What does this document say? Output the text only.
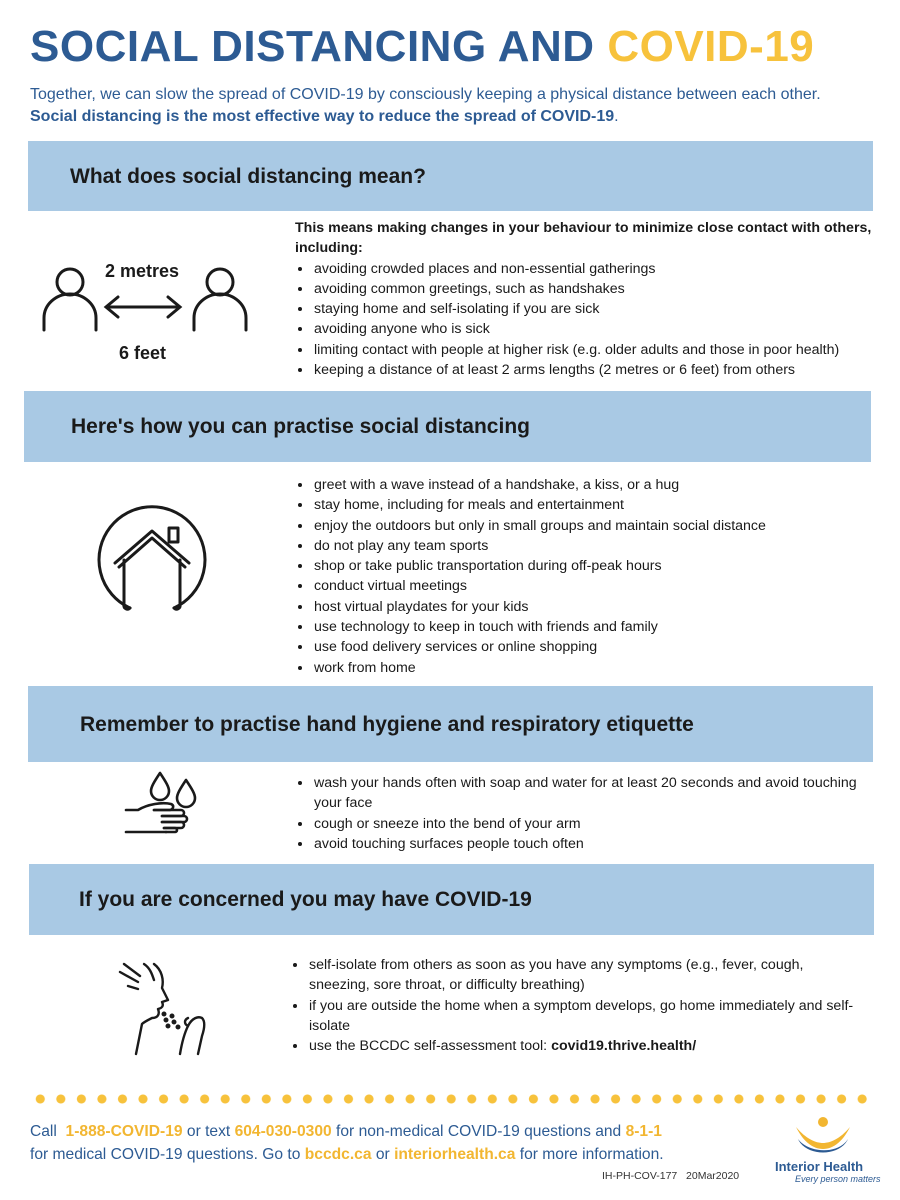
SOCIAL DISTANCING AND COVID-19
Together, we can slow the spread of COVID-19 by consciously keeping a physical distance between each other.
Social distancing is the most effective way to reduce the spread of COVID-19.
What does social distancing mean?
2 metres
6 feet

This means making changes in your behaviour to minimize close contact with others, including:

• avoiding crowded places and non-essential gatherings
• avoiding common greetings, such as handshakes
• staying home and self-isolating if you are sick
• avoiding anyone who is sick
• limiting contact with people at higher risk (e.g. older adults and those in poor health)
• keeping a distance of at least 2 arms lengths (2 metres or 6 feet) from others
Here's how you can practise social distancing
• greet with a wave instead of a handshake, a kiss, or a hug
• stay home, including for meals and entertainment
• enjoy the outdoors but only in small groups and maintain social distance
• do not play any team sports
• shop or take public transportation during off-peak hours
• conduct virtual meetings
• host virtual playdates for your kids
• use technology to keep in touch with friends and family
• use food delivery services or online shopping
• work from home
Remember to practise hand hygiene and respiratory etiquette
• wash your hands often with soap and water for at least 20 seconds and avoid touching your face
• cough or sneeze into the bend of your arm
• avoid touching surfaces people touch often
If you are concerned you may have COVID-19
• self-isolate from others as soon as you have any symptoms (e.g., fever, cough, sneezing, sore throat, or difficulty breathing)
• if you are outside the home when a symptom develops, go home immediately and self-isolate
• use the BCCDC self-assessment tool: covid19.thrive.health/
Call 1-888-COVID-19 or text 604-030-0300 for non-medical COVID-19 questions and 8-1-1
for medical COVID-19 questions. Go to bccdc.ca or interiorhealth.ca for more information.
IH-PH-COV-177   20Mar2020
Interior Health
Every person matters
